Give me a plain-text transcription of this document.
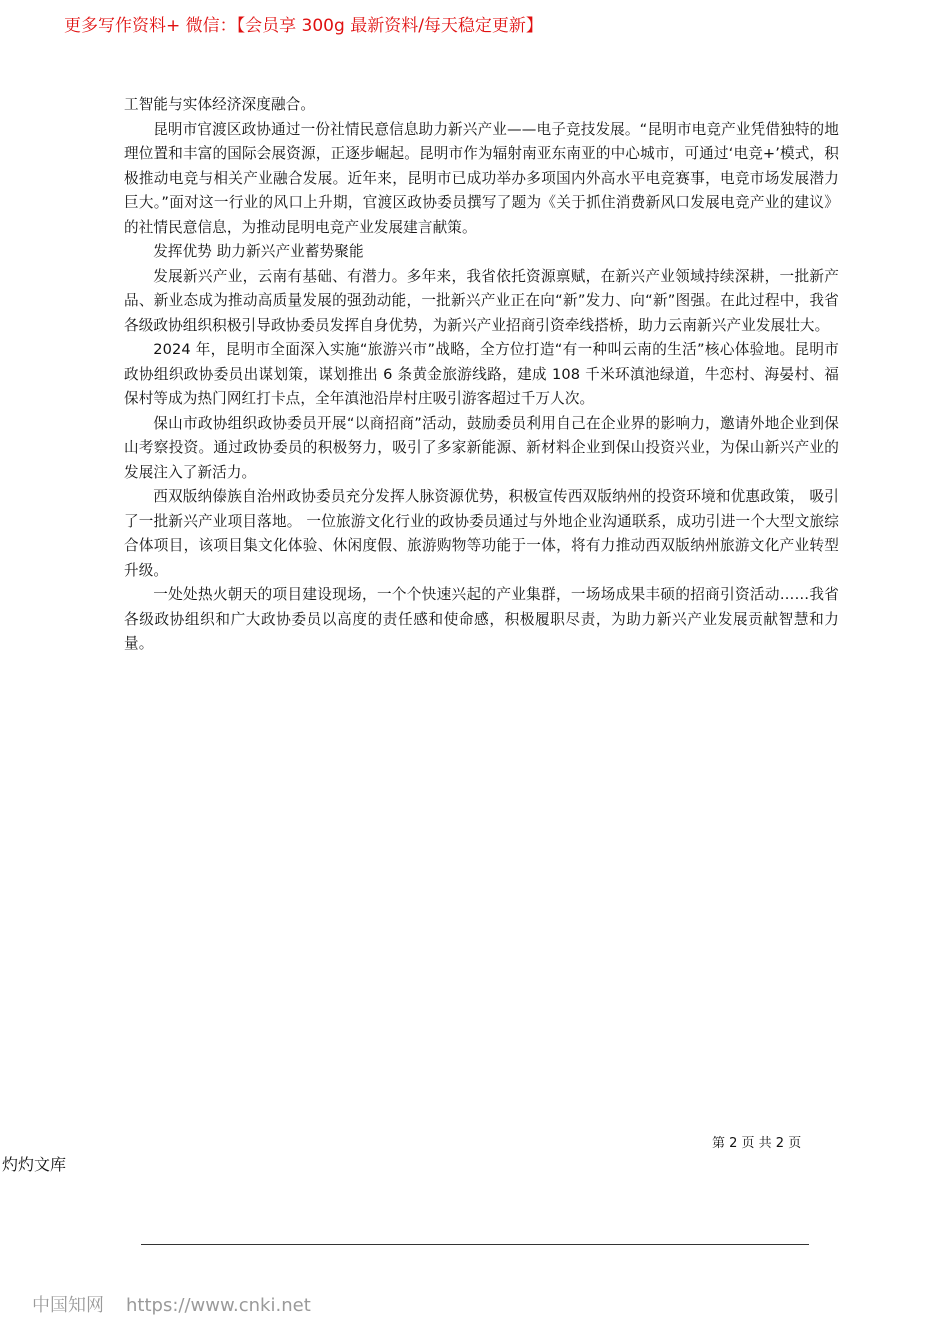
更多写作资料+ 微信：【会员享 300g 最新资料/每天稳定更新】

工智能与实体经济深度融合。

昆明市官渡区政协通过一份社情民意信息助力新兴产业——电子竞技发展。“昆明市电竞产业凭借独特的地理位置和丰富的国际会展资源，正逐步崛起。昆明市作为辐射南亚东南亚的中心城市，可通过‘电竞+’模式，积极推动电竞与相关产业融合发展。近年来，昆明市已成功举办多项国内外高水平电竞赛事，电竞市场发展潜力巨大。”面对这一行业的风口上升期，官渡区政协委员撰写了题为《关于抓住消费新风口发展电竞产业的建议》的社情民意信息，为推动昆明电竞产业发展建言献策。

发挥优势 助力新兴产业蓄势聚能

发展新兴产业，云南有基础、有潜力。多年来，我省依托资源禀赋，在新兴产业领域持续深耕，一批新产品、新业态成为推动高质量发展的强劲动能，一批新兴产业正在向“新”发力、向“新”图强。在此过程中，我省各级政协组织积极引导政协委员发挥自身优势，为新兴产业招商引资牵线搭桥，助力云南新兴产业发展壮大。

2024 年，昆明市全面深入实施“旅游兴市”战略，全方位打造“有一种叫云南的生活”核心体验地。昆明市政协组织政协委员出谋划策，谋划推出 6 条黄金旅游线路，建成 108 千米环滇池绿道，牛恋村、海晏村、福保村等成为热门网红打卡点，全年滇池沿岸村庄吸引游客超过千万人次。

保山市政协组织政协委员开展“以商招商”活动，鼓励委员利用自己在企业界的影响力，邀请外地企业到保山考察投资。通过政协委员的积极努力，吸引了多家新能源、新材料企业到保山投资兴业，为保山新兴产业的发展注入了新活力。

西双版纳傣族自治州政协委员充分发挥人脉资源优势，积极宣传西双版纳州的投资环境和优惠政策， 吸引了一批新兴产业项目落地。 一位旅游文化行业的政协委员通过与外地企业沟通联系，成功引进一个大型文旅综合体项目，该项目集文化体验、休闲度假、旅游购物等功能于一体，将有力推动西双版纳州旅游文化产业转型升级。

一处处热火朝天的项目建设现场，一个个快速兴起的产业集群，一场场成果丰硕的招商引资活动……我省各级政协组织和广大政协委员以高度的责任感和使命感，积极履职尽责，为助力新兴产业发展贡献智慧和力量。

第 2 页 共 2 页
灼灼文库
中国知网 https://www.cnki.net
